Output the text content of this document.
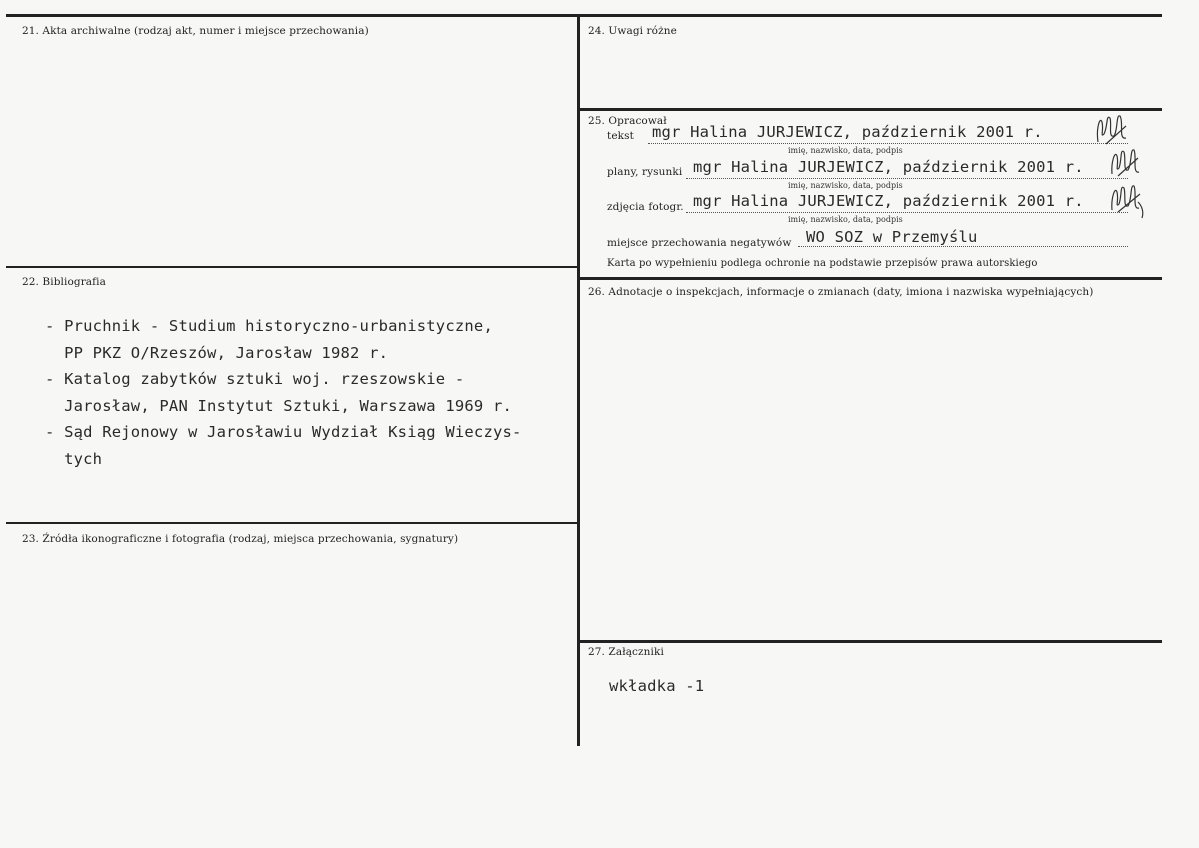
21. Akta archiwalne (rodzaj akt, numer i miejsce przechowania)
22. Bibliografia
- Pruchnik - Studium historyczno-urbanistyczne,
PP PKZ O/Rzeszów, Jarosław 1982 r.
- Katalog zabytków sztuki woj. rzeszowskie -
Jarosław, PAN Instytut Sztuki, Warszawa 1969 r.
- Sąd Rejonowy w Jarosławiu Wydział Ksiąg Wieczys-
tych
23. Źródła ikonograficzne i fotografia (rodzaj, miejsca przechowania, sygnatury)
24. Uwagi różne
25. Opracował
tekst mgr Halina JURJEWICZ, październik 2001 r.
imię, nazwisko, data, podpis
plany, rysunki mgr Halina JURJEWICZ, październik 2001 r.
imię, nazwisko, data, podpis
zdjęcia fotogr. mgr Halina JURJEWICZ, październik 2001 r.
imię, nazwisko, data, podpis
miejsce przechowania negatywów WO SOZ w Przemyślu
Karta po wypełnieniu podlega ochronie na podstawie przepisów prawa autorskiego
26. Adnotacje o inspekcjach, informacje o zmianach (daty, imiona i nazwiska wypełniających)
27. Załączniki
wkładka -1
